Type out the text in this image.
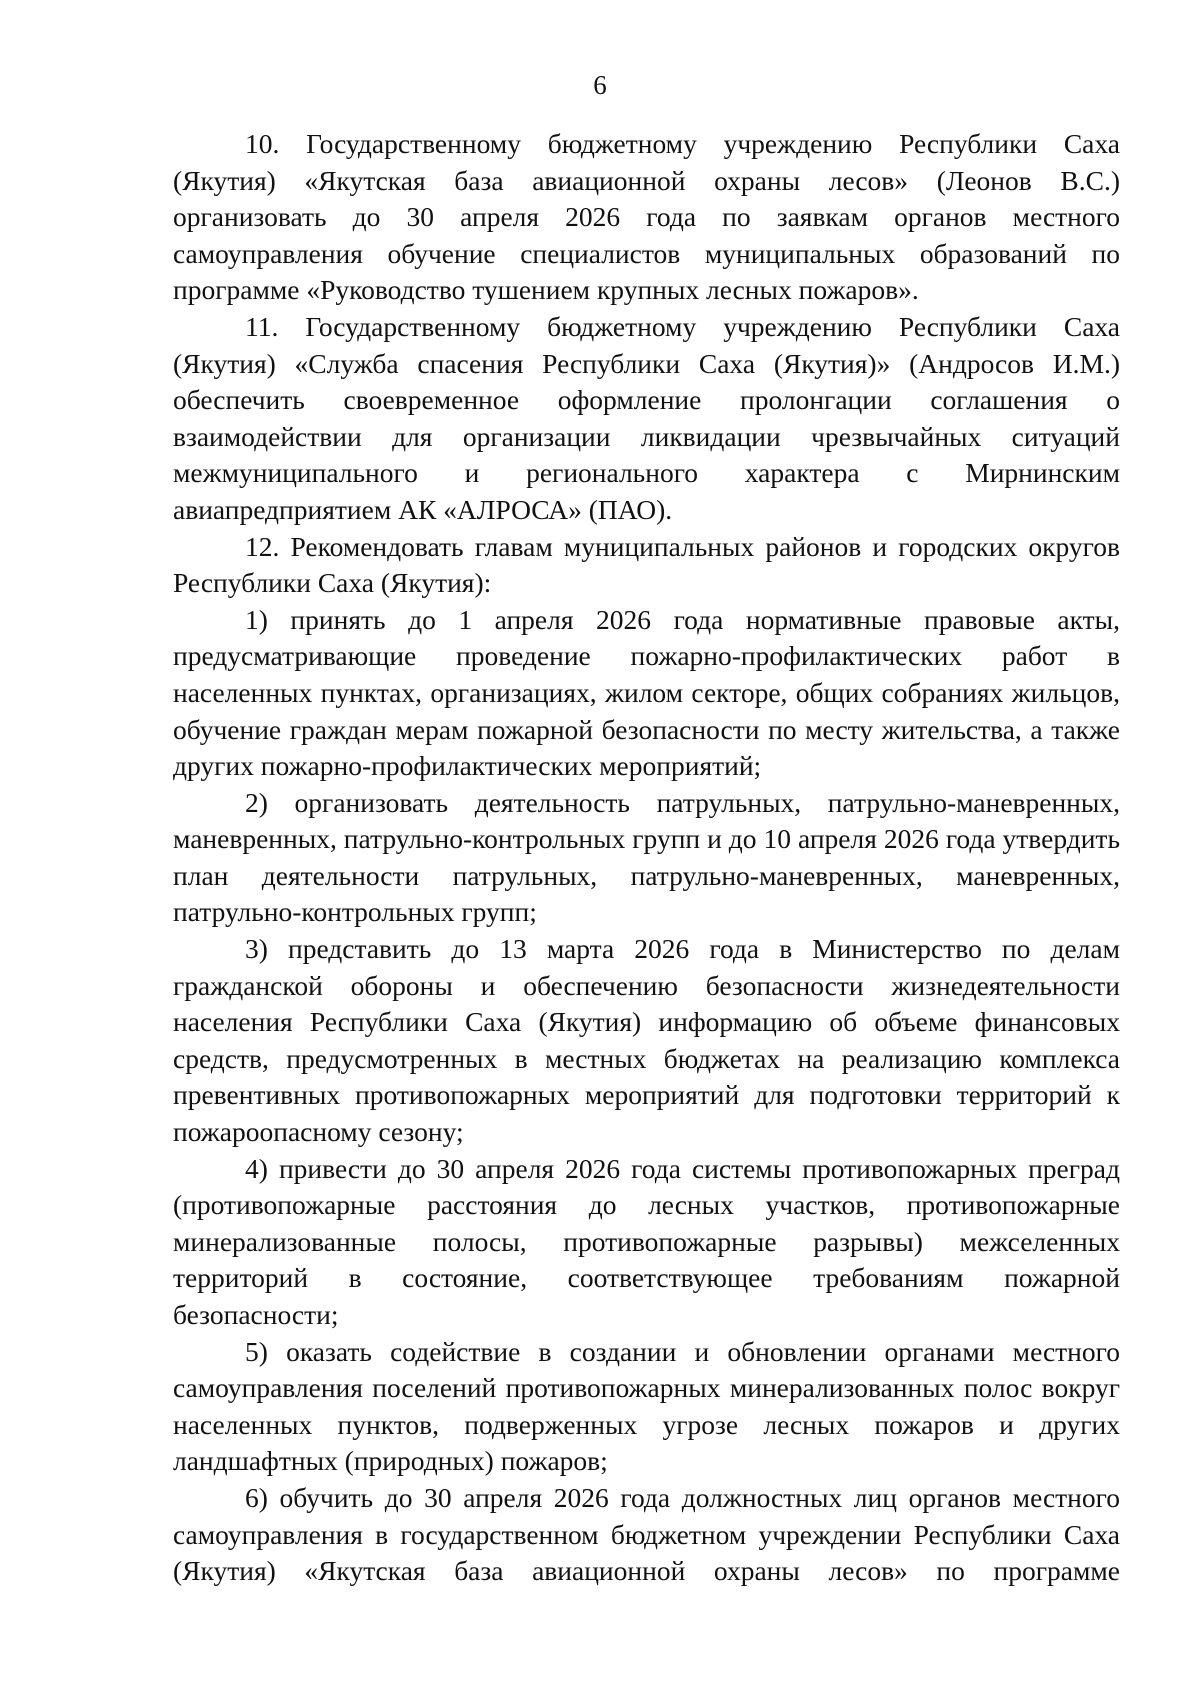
6

10. Государственному бюджетному учреждению Республики Саха (Якутия) «Якутская база авиационной охраны лесов» (Леонов В.С.) организовать до 30 апреля 2026 года по заявкам органов местного самоуправления обучение специалистов муниципальных образований по программе «Руководство тушением крупных лесных пожаров».

11. Государственному бюджетному учреждению Республики Саха (Якутия) «Служба спасения Республики Саха (Якутия)» (Андросов И.М.) обеспечить своевременное оформление пролонгации соглашения о взаимодействии для организации ликвидации чрезвычайных ситуаций межмуниципального и регионального характера с Мирнинским авиапредприятием АК «АЛРОСА» (ПАО).

12. Рекомендовать главам муниципальных районов и городских округов Республики Саха (Якутия):

1) принять до 1 апреля 2026 года нормативные правовые акты, предусматривающие проведение пожарно-профилактических работ в населенных пунктах, организациях, жилом секторе, общих собраниях жильцов, обучение граждан мерам пожарной безопасности по месту жительства, а также других пожарно-профилактических мероприятий;

2) организовать деятельность патрульных, патрульно-маневренных, маневренных, патрульно-контрольных групп и до 10 апреля 2026 года утвердить план деятельности патрульных, патрульно-маневренных, маневренных, патрульно-контрольных групп;

3) представить до 13 марта 2026 года в Министерство по делам гражданской обороны и обеспечению безопасности жизнедеятельности населения Республики Саха (Якутия) информацию об объеме финансовых средств, предусмотренных в местных бюджетах на реализацию комплекса превентивных противопожарных мероприятий для подготовки территорий к пожароопасному сезону;

4) привести до 30 апреля 2026 года системы противопожарных преград (противопожарные расстояния до лесных участков, противопожарные минерализованные полосы, противопожарные разрывы) межселенных территорий в состояние, соответствующее требованиям пожарной безопасности;

5) оказать содействие в создании и обновлении органами местного самоуправления поселений противопожарных минерализованных полос вокруг населенных пунктов, подверженных угрозе лесных пожаров и других ландшафтных (природных) пожаров;

6) обучить до 30 апреля 2026 года должностных лиц органов местного самоуправления в государственном бюджетном учреждении Республики Саха (Якутия) «Якутская база авиационной охраны лесов» по программе
